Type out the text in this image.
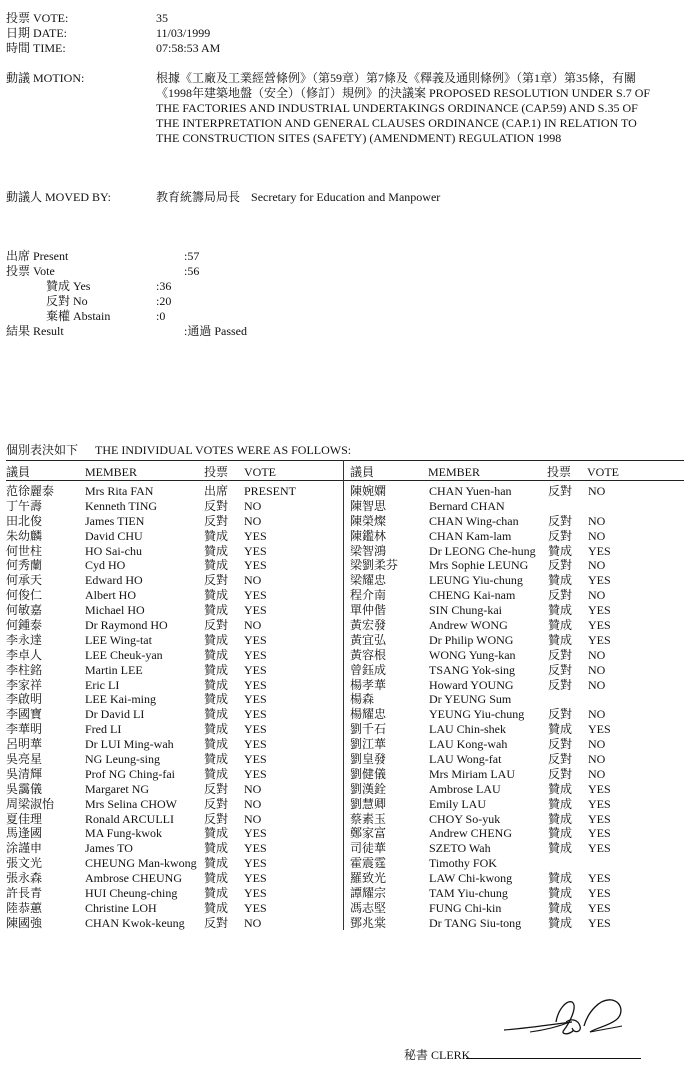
投票 VOTE:	35
日期 DATE:	11/03/1999
時間 TIME:	07:58:53 AM
動議 MOTION:	根據《工廠及工業經營條例》（第59章）第7條及《釋義及通則條例》（第1章）第35條，有關《1998年建築地盤（安全）（修訂）規例》的決議案 PROPOSED RESOLUTION UNDER S.7 OF THE FACTORIES AND INDUSTRIAL UNDERTAKINGS ORDINANCE (CAP.59) AND S.35 OF THE INTERPRETATION AND GENERAL CLAUSES ORDINANCE (CAP.1) IN RELATION TO THE CONSTRUCTION SITES (SAFETY) (AMENDMENT) REGULATION 1998
動議人 MOVED BY:	教育統籌局局長 Secretary for Education and Manpower
出席 Present	:57
投票 Vote	:56
贊成 Yes	:36
反對 No	:20
棄權 Abstain	:0
結果 Result	:通過 Passed
個別表決如下 THE INDIVIDUAL VOTES WERE AS FOLLOWS:
議員	MEMBER	投票 VOTE	議員	MEMBER	投票 VOTE
范徐麗泰	Mrs Rita FAN	出席 PRESENT
丁午壽	Kenneth TING	反對 NO
田北俊	James TIEN	反對 NO
朱幼麟	David CHU	贊成 YES
何世柱	HO Sai-chu	贊成 YES
何秀蘭	Cyd HO	贊成 YES
何承天	Edward HO	反對 NO
何俊仁	Albert HO	贊成 YES
何敏嘉	Michael HO	贊成 YES
何鍾泰	Dr Raymond HO	反對 NO
李永達	LEE Wing-tat	贊成 YES
李卓人	LEE Cheuk-yan	贊成 YES
李柱銘	Martin LEE	贊成 YES
李家祥	Eric LI	贊成 YES
李啟明	LEE Kai-ming	贊成 YES
李國寶	Dr David LI	贊成 YES
李華明	Fred LI	贊成 YES
呂明華	Dr LUI Ming-wah	贊成 YES
吳亮星	NG Leung-sing	贊成 YES
吳清輝	Prof NG Ching-fai 贊成 YES
吳靄儀	Margaret NG	反對 NO
周梁淑怡	Mrs Selina CHOW 反對 NO
夏佳理	Ronald ARCULLI	反對 NO
馬逢國	MA Fung-kwok	贊成 YES
涂謹申	James TO	贊成 YES
張文光	CHEUNG Man-kwong 贊成 YES
張永森	Ambrose CHEUNG 贊成 YES
許長青	HUI Cheung-ching 贊成 YES
陸恭蕙	Christine LOH	贊成 YES
陳國強	CHAN Kwok-keung 反對 NO
陳婉嫻	CHAN Yuen-han	反對 NO
陳智思	Bernard CHAN
陳榮燦	CHAN Wing-chan 反對 NO
陳鑑林	CHAN Kam-lam	反對 NO
梁智鴻	Dr LEONG Che-hung 贊成 YES
梁劉柔芬	Mrs Sophie LEUNG 反對 NO
梁耀忠	LEUNG Yiu-chung 贊成 YES
程介南	CHENG Kai-nam	反對 NO
單仲偕	SIN Chung-kai	贊成 YES
黃宏發	Andrew WONG	贊成 YES
黃宜弘	Dr Philip WONG	贊成 YES
黃容根	WONG Yung-kan	反對 NO
曾鈺成	TSANG Yok-sing	反對 NO
楊孝華	Howard YOUNG	反對 NO
楊森	Dr YEUNG Sum
楊耀忠	YEUNG Yiu-chung 反對 NO
劉千石	LAU Chin-shek	贊成 YES
劉江華	LAU Kong-wah	反對 NO
劉皇發	LAU Wong-fat	反對 NO
劉健儀	Mrs Miriam LAU	反對 NO
劉漢銓	Ambrose LAU	贊成 YES
劉慧卿	Emily LAU	贊成 YES
蔡素玉	CHOY So-yuk	贊成 YES
鄭家富	Andrew CHENG	贊成 YES
司徒華	SZETO Wah	贊成 YES
霍震霆	Timothy FOK
羅致光	LAW Chi-kwong	贊成 YES
譚耀宗	TAM Yiu-chung	贊成 YES
馮志堅	FUNG Chi-kin	贊成 YES
鄧兆棠	Dr TANG Siu-tong 贊成 YES
秘書 CLERK
